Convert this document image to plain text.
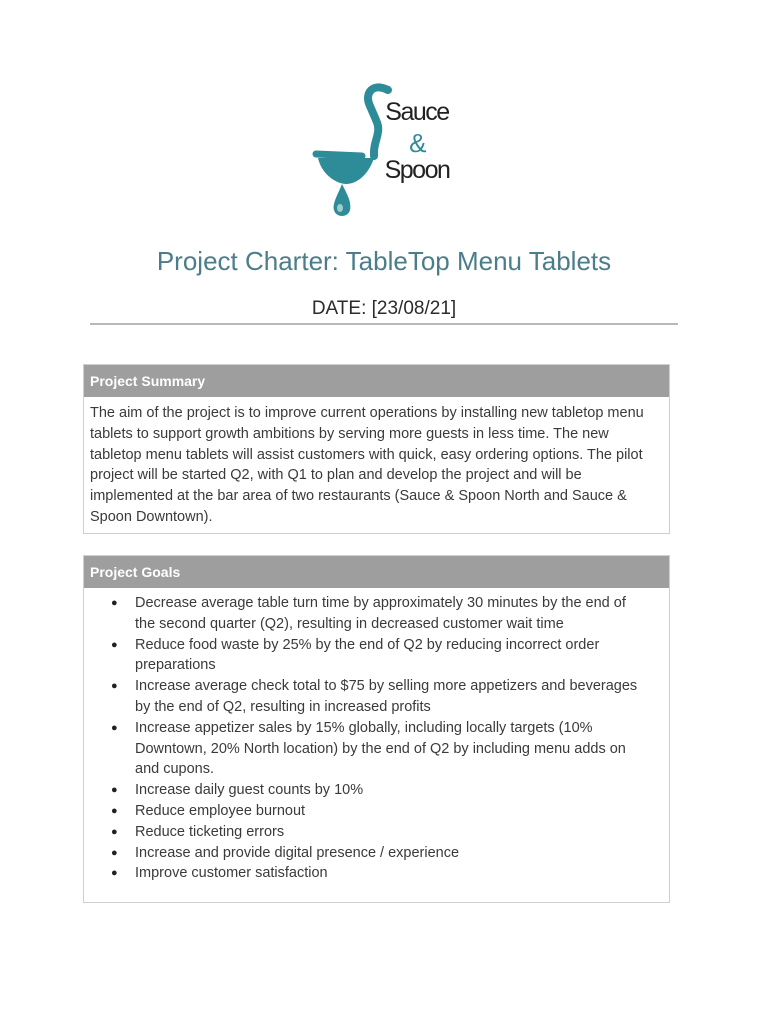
Sauce
&
Spoon
Project Charter: TableTop Menu Tablets
DATE: [23/08/21]
Project Summary
The aim of the project is to improve current operations by installing new tabletop menu tablets to support growth ambitions by serving more guests in less time. The new tabletop menu tablets will assist customers with quick, easy ordering options. The pilot project will be started Q2, with Q1 to plan and develop the project and will be implemented at the bar area of two restaurants (Sauce & Spoon North and Sauce & Spoon Downtown).
Project Goals
● Decrease average table turn time by approximately 30 minutes by the end of the second quarter (Q2), resulting in decreased customer wait time
● Reduce food waste by 25% by the end of Q2 by reducing incorrect order preparations
● Increase average check total to $75 by selling more appetizers and beverages by the end of Q2, resulting in increased profits
● Increase appetizer sales by 15% globally, including locally targets (10% Downtown, 20% North location) by the end of Q2 by including menu adds on and cupons.
● Increase daily guest counts by 10%
● Reduce employee burnout
● Reduce ticketing errors
● Increase and provide digital presence / experience
● Improve customer satisfaction
